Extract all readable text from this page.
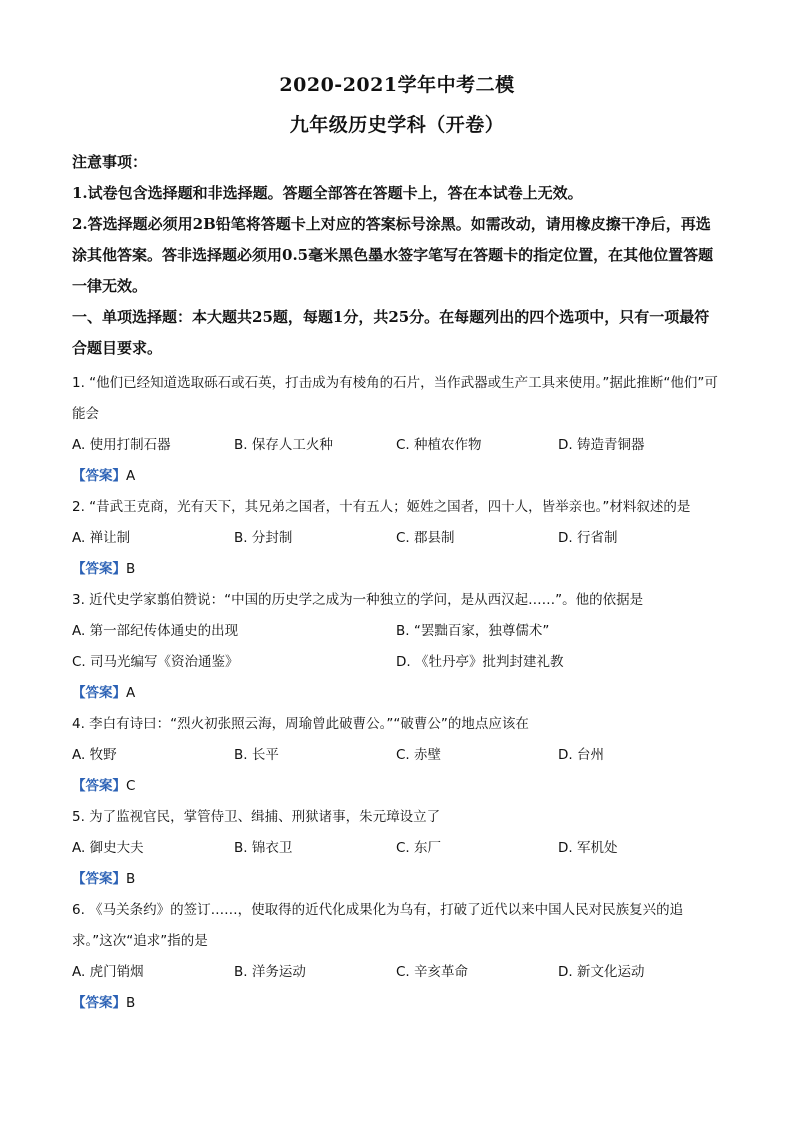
2020-2021学年中考二模
九年级历史学科（开卷）

注意事项：

1.试卷包含选择题和非选择题。答题全部答在答题卡上，答在本试卷上无效。

2.答选择题必须用2B铅笔将答题卡上对应的答案标号涂黑。如需改动，请用橡皮擦干净后，再选涂其他答案。答非选择题必须用0.5毫米黑色墨水签字笔写在答题卡的指定位置，在其他位置答题一律无效。

一、单项选择题：本大题共25题，每题1分，共25分。在每题列出的四个选项中，只有一项最符合题目要求。

1. “他们已经知道选取砾石或石英，打击成为有棱角的石片，当作武器或生产工具来使用。”据此推断“他们”可能会

A. 使用打制石器	B. 保存人工火种	C. 种植农作物	D. 铸造青铜器
【答案】A

2. “昔武王克商，光有天下，其兄弟之国者，十有五人；姬姓之国者，四十人，皆举亲也。”材料叙述的是

A. 禅让制	B. 分封制	C. 郡县制	D. 行省制
【答案】B

3. 近代史学家翦伯赞说：“中国的历史学之成为一种独立的学问，是从西汉起……”。他的依据是

A. 第一部纪传体通史的出现	B. “罢黜百家，独尊儒术”
C. 司马光编写《资治通鉴》	D. 《牡丹亭》批判封建礼教
【答案】A

4. 李白有诗曰：“烈火初张照云海，周瑜曾此破曹公。”“破曹公”的地点应该在

A. 牧野	B. 长平	C. 赤壁	D. 台州
【答案】C

5. 为了监视官民，掌管侍卫、缉捕、刑狱诸事，朱元璋设立了

A. 御史大夫	B. 锦衣卫	C. 东厂	D. 军机处
【答案】B

6. 《马关条约》的签订……，使取得的近代化成果化为乌有，打破了近代以来中国人民对民族复兴的追求。”这次“追求”指的是

A. 虎门销烟	B. 洋务运动	C. 辛亥革命	D. 新文化运动
【答案】B
